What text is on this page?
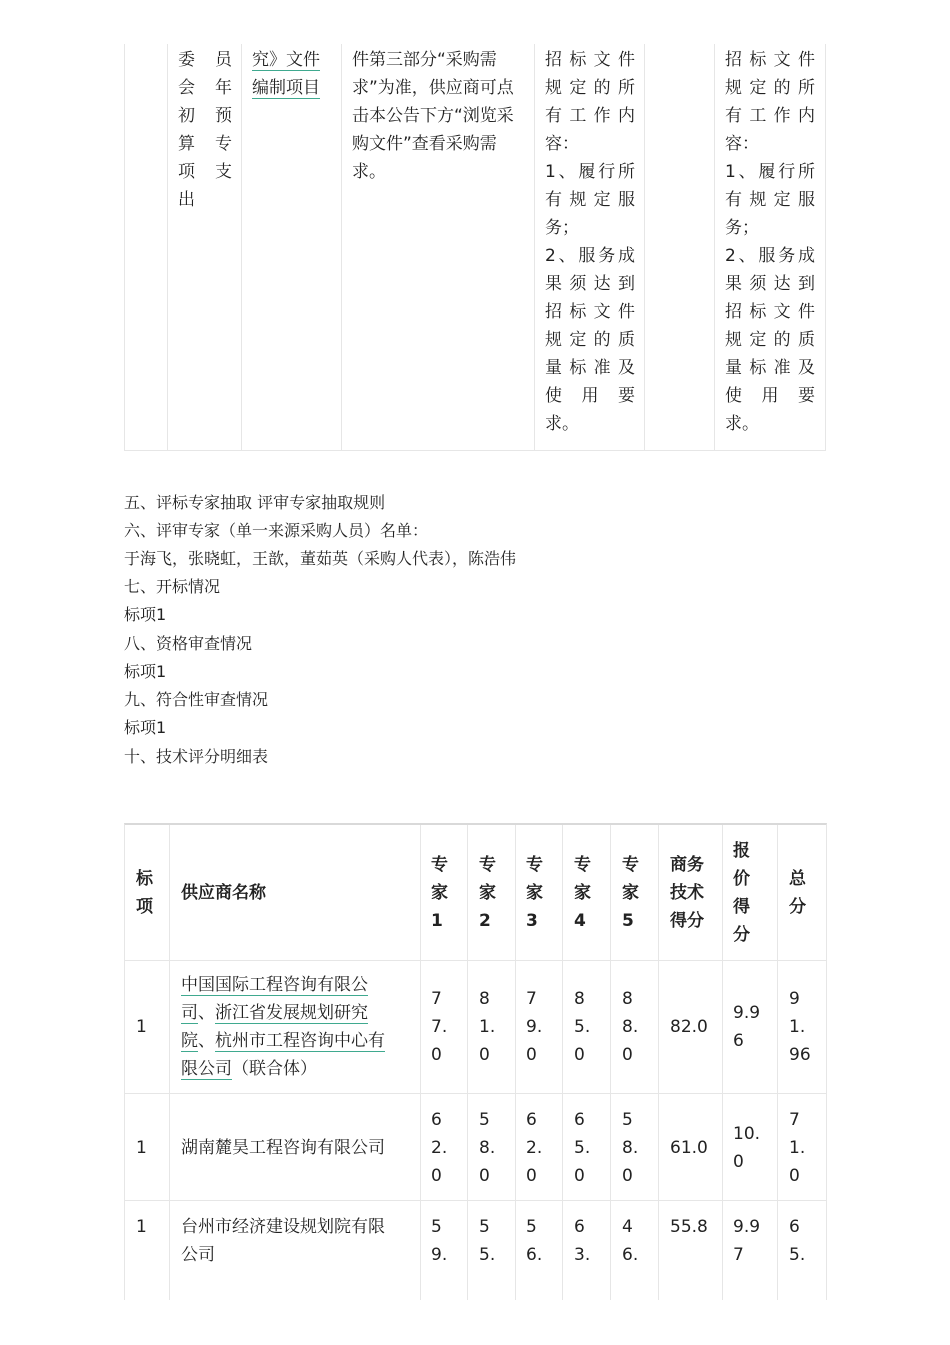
委 员
会 年
初 预
算 专
项 支
出
究》文件
编制项目
件第三部分“采购需
求”为准，供应商可点
击本公告下方“浏览采
购文件”查看采购需
求。
招标文件
规定的所
有工作内
容：
1、履行所
有规定服
务；
2、服务成
果须达到
招标文件
规定的质
量标准及
使 用 要
求。
招标文件
规定的所
有工作内
容：
1、履行所
有规定服
务；
2、服务成
果须达到
招标文件
规定的质
量标准及
使 用 要
求。
五、评标专家抽取 评审专家抽取规则
六、评审专家（单一来源采购人员）名单：
于海飞，张晓虹，王歆，董茹英（采购人代表），陈浩伟
七、开标情况
标项1
八、资格审查情况
标项1
九、符合性审查情况
标项1
十、技术评分明细表
标
项
供应商名称
专
家
1
专
家
2
专
家
3
专
家
4
专
家
5
商务
技术
得分
报
价
得
分
总
分
1
中国国际工程咨询有限公
司、浙江省发展规划研究
院、杭州市工程咨询中心有
限公司（联合体）
7
7.
0
8
1.
0
7
9.
0
8
5.
0
8
8.
0
82.0
9.9
6
9
1.
96
1 湖南麓昊工程咨询有限公司
6
2.
0
5
8.
0
6
2.
0
6
5.
0
5
8.
0
61.0
10.
0
7
1.
0
1 台州市经济建设规划院有限
公司
5
9.
5
5.
5
6.
6
3.
4
6.
55.8 9.9
7
6
5.
